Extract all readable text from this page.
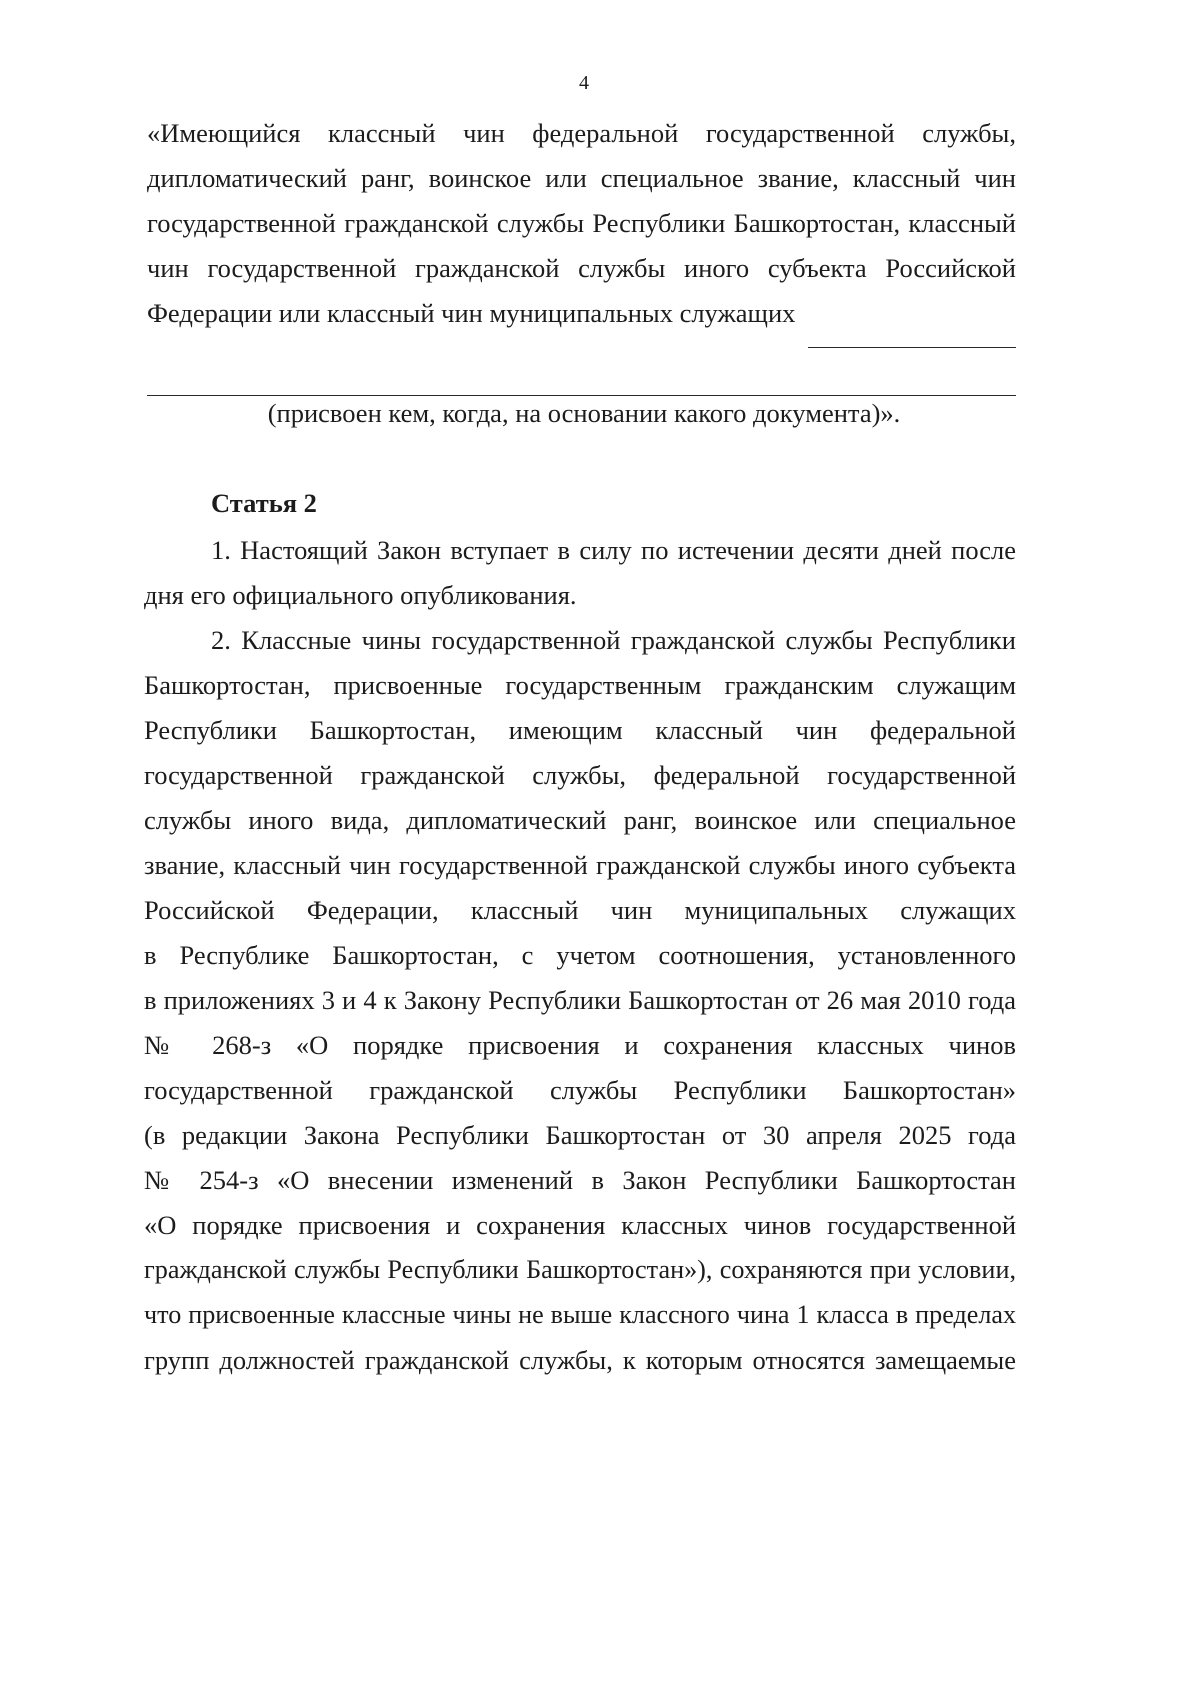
4
«Имеющийся классный чин федеральной государственной службы,
дипломатический ранг, воинское или специальное звание, классный чин
государственной гражданской службы Республики Башкортостан, классный
чин государственной гражданской службы иного субъекта Российской
Федерации или классный чин муниципальных служащих
(присвоен кем, когда, на основании какого документа)».
Статья 2
1. Настоящий Закон вступает в силу по истечении десяти дней после
дня его официального опубликования.
2. Классные чины государственной гражданской службы Республики
Башкортостан, присвоенные государственным гражданским служащим
Республики Башкортостан, имеющим классный чин федеральной
государственной гражданской службы, федеральной государственной
службы иного вида, дипломатический ранг, воинское или специальное
звание, классный чин государственной гражданской службы иного субъекта
Российской Федерации, классный чин муниципальных служащих
в Республике Башкортостан, с учетом соотношения, установленного
в приложениях 3 и 4 к Закону Республики Башкортостан от 26 мая 2010 года
№ 268-з «О порядке присвоения и сохранения классных чинов
государственной гражданской службы Республики Башкортостан»
(в редакции Закона Республики Башкортостан от 30 апреля 2025 года
№ 254-з «О внесении изменений в Закон Республики Башкортостан
«О порядке присвоения и сохранения классных чинов государственной
гражданской службы Республики Башкортостан»), сохраняются при условии,
что присвоенные классные чины не выше классного чина 1 класса в пределах
групп должностей гражданской службы, к которым относятся замещаемые
